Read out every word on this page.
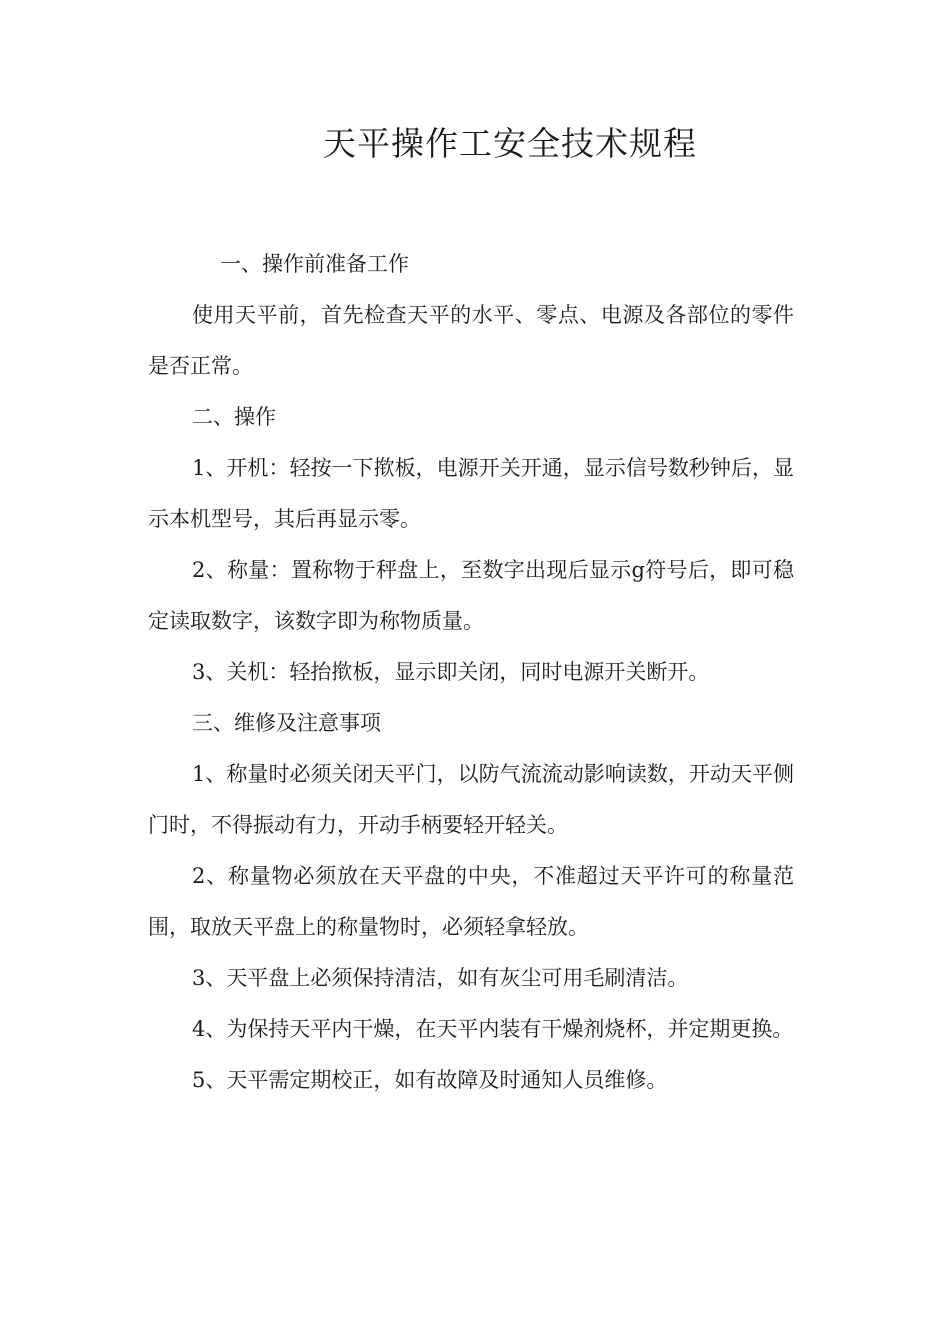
天平操作工安全技术规程

一、操作前准备工作

使用天平前，首先检查天平的水平、零点、电源及各部位的零件是否正常。

二、操作

1、开机：轻按一下揿板，电源开关开通，显示信号数秒钟后，显示本机型号，其后再显示零。

2、称量：置称物于秤盘上，至数字出现后显示g符号后，即可稳定读取数字，该数字即为称物质量。

3、关机：轻抬揿板，显示即关闭，同时电源开关断开。

三、维修及注意事项

1、称量时必须关闭天平门，以防气流流动影响读数，开动天平侧门时，不得振动有力，开动手柄要轻开轻关。

2、称量物必须放在天平盘的中央，不准超过天平许可的称量范围，取放天平盘上的称量物时，必须轻拿轻放。

3、天平盘上必须保持清洁，如有灰尘可用毛刷清洁。

4、为保持天平内干燥，在天平内装有干燥剂烧杯，并定期更换。

5、天平需定期校正，如有故障及时通知人员维修。
